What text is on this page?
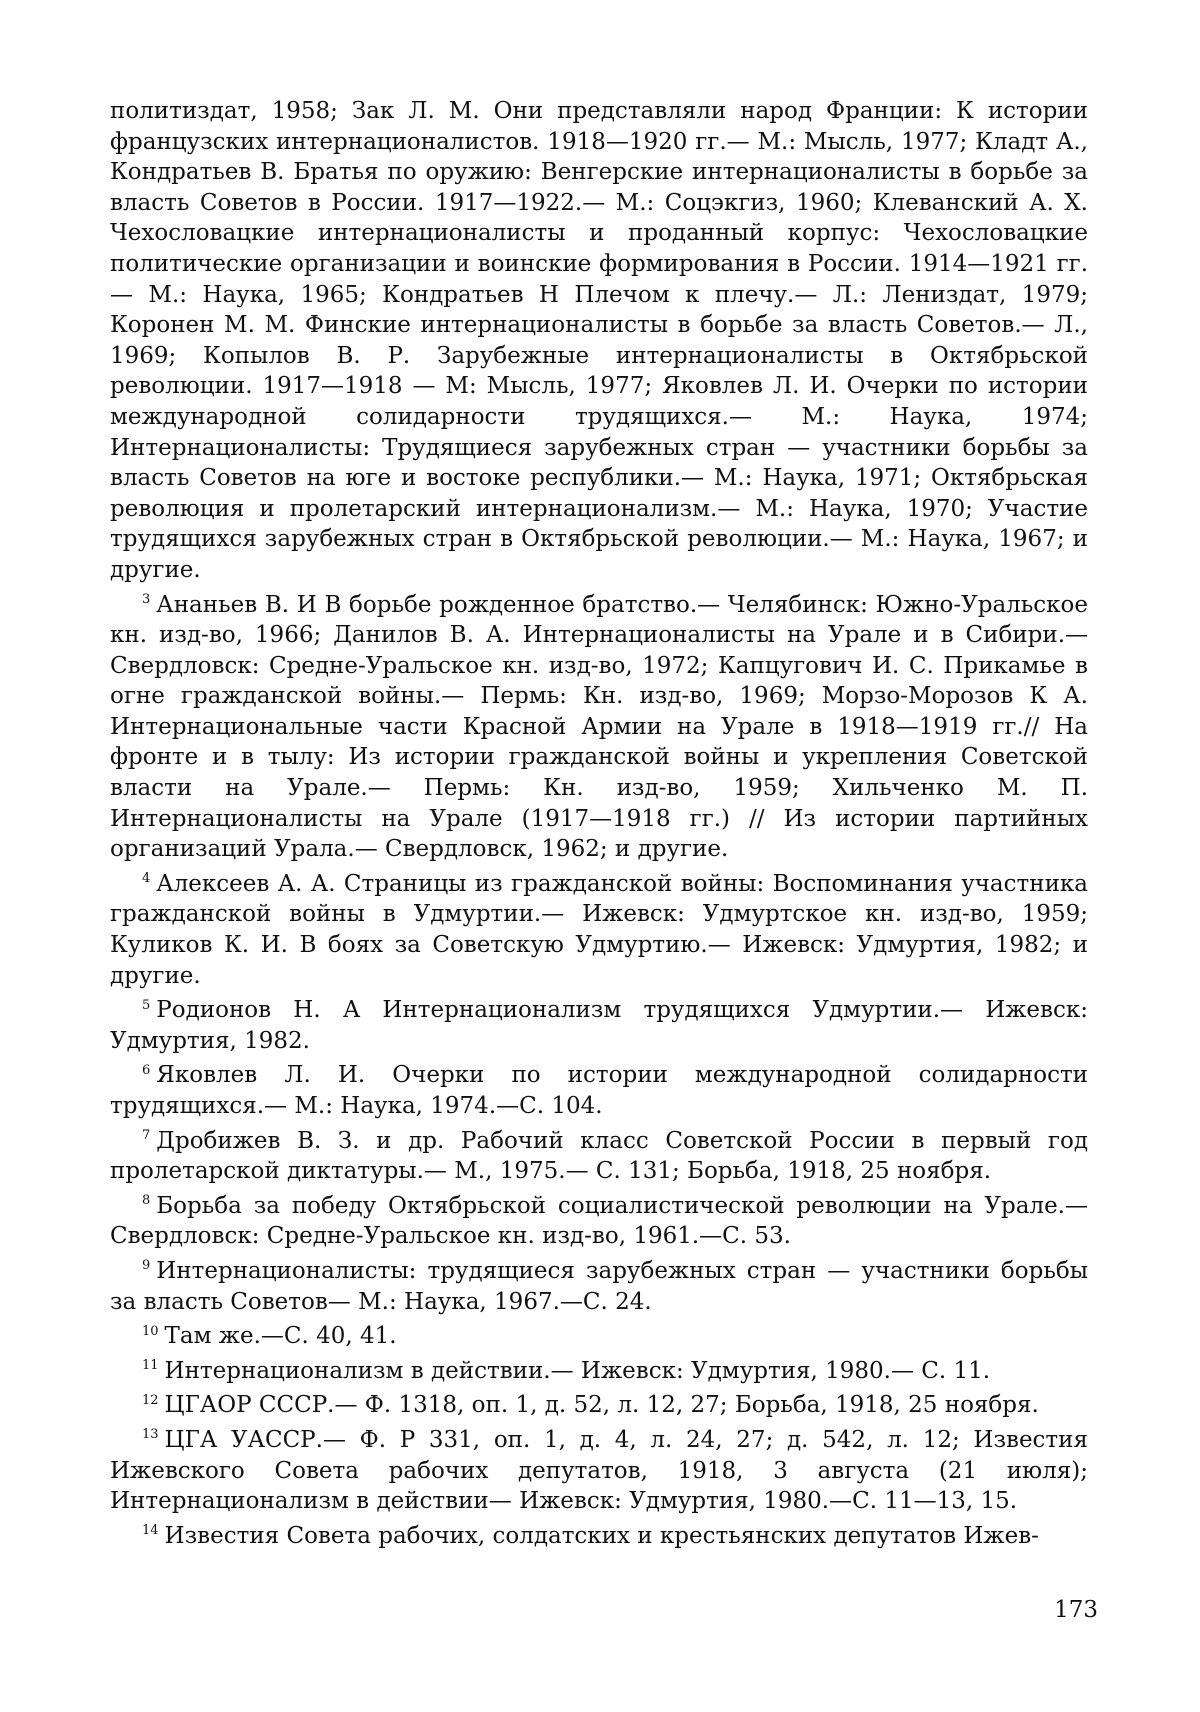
политиздат, 1958; Зак Л. М. Они представляли народ Франции: К истории французских интернационалистов. 1918—1920 гг.— М.: Мысль, 1977; Кладт А., Кондратьев В. Братья по оружию: Венгерские интернационалисты в борьбе за власть Советов в России. 1917—1922.— М.: Соцэкгиз, 1960; Клеванский А. Х. Чехословацкие интернационалисты и проданный корпус: Чехословацкие политические организации и воинские формирования в России. 1914—1921 гг.— М.: Наука, 1965; Кондратьев Н Плечом к плечу.— Л.: Лениздат, 1979; Коронен М. М. Финские интернационалисты в борьбе за власть Советов.— Л., 1969; Копылов В. Р. Зарубежные интернационалисты в Октябрьской революции. 1917—1918 — М: Мысль, 1977; Яковлев Л. И. Очерки по истории международной солидарности трудящихся.— М.: Наука, 1974; Интернационалисты: Трудящиеся зарубежных стран — участники борьбы за власть Советов на юге и востоке республики.— М.: Наука, 1971; Октябрьская революция и пролетарский интернационализм.— М.: Наука, 1970; Участие трудящихся зарубежных стран в Октябрьской революции.— М.: Наука, 1967; и другие.

$^3$ Ананьев В. И В борьбе рожденное братство.— Челябинск: Южно-Уральское кн. изд-во, 1966; Данилов В. А. Интернационалисты на Урале и в Сибири.— Свердловск: Средне-Уральское кн. изд-во, 1972; Капцугович И. С. Прикамье в огне гражданской войны.— Пермь: Кн. изд-во, 1969; Морзо-Морозов К А. Интернациональные части Красной Армии на Урале в 1918—1919 гг.// На фронте и в тылу: Из истории гражданской войны и укрепления Советской власти на Урале.— Пермь: Кн. изд-во, 1959; Хильченко М. П. Интернационалисты на Урале (1917—1918 гг.) // Из истории партийных организаций Урала.— Свердловск, 1962; и другие.

$^4$ Алексеев А. А. Страницы из гражданской войны: Воспоминания участника гражданской войны в Удмуртии.— Ижевск: Удмуртское кн. изд-во, 1959; Куликов К. И. В боях за Советскую Удмуртию.— Ижевск: Удмуртия, 1982; и другие.

$^5$ Родионов Н. А Интернационализм трудящихся Удмуртии.— Ижевск: Удмуртия, 1982.

$^6$ Яковлев Л. И. Очерки по истории международной солидарности трудящихся.— М.: Наука, 1974.—С. 104.

$^7$ Дробижев В. З. и др. Рабочий класс Советской России в первый год пролетарской диктатуры.— М., 1975.— С. 131; Борьба, 1918, 25 ноября.

$^8$ Борьба за победу Октябрьской социалистической революции на Урале.— Свердловск: Средне-Уральское кн. изд-во, 1961.—С. 53.

$^9$ Интернационалисты: трудящиеся зарубежных стран — участники борьбы за власть Советов— М.: Наука, 1967.—С. 24.

$^{10}$ Там же.—С. 40, 41.

$^{11}$ Интернационализм в действии.— Ижевск: Удмуртия, 1980.— С. 11.

$^{12}$ ЦГАОР СССР.— Ф. 1318, оп. 1, д. 52, л. 12, 27; Борьба, 1918, 25 ноября.

$^{13}$ ЦГА УАССР.— Ф. Р 331, оп. 1, д. 4, л. 24, 27; д. 542, л. 12; Известия Ижевского Совета рабочих депутатов, 1918, 3 августа (21 июля); Интернационализм в действии— Ижевск: Удмуртия, 1980.—С. 11—13, 15.

$^{14}$ Известия Совета рабочих, солдатских и крестьянских депутатов Ижев-

173
